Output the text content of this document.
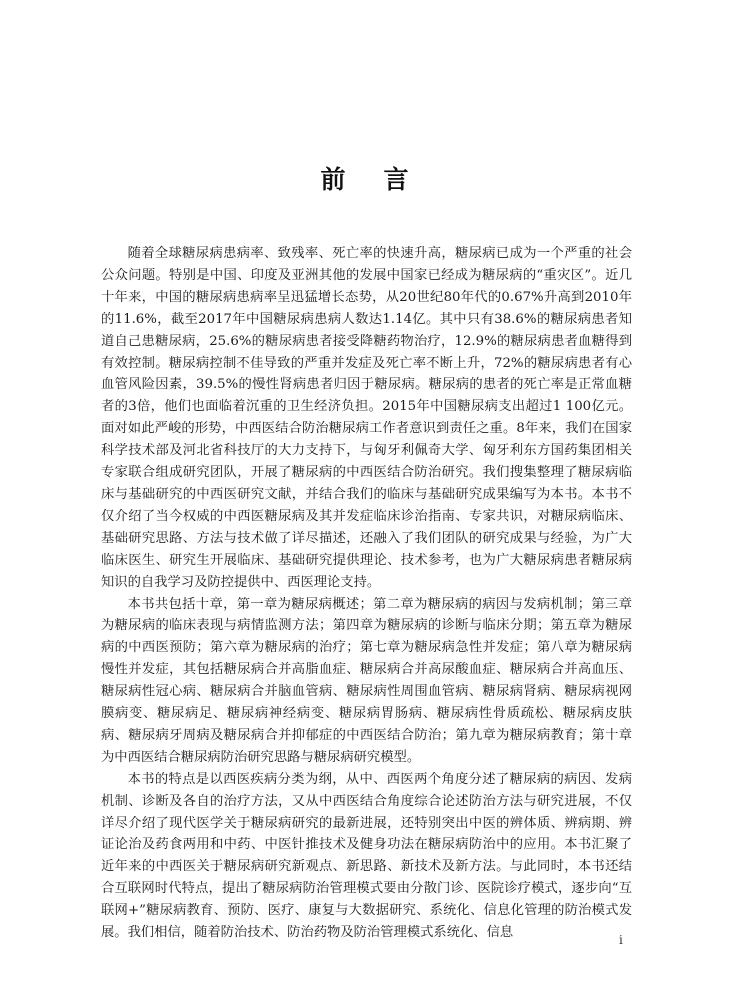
前言

随着全球糖尿病患病率、致残率、死亡率的快速升高，糖尿病已成为一个严重的社会公众问题。特别是中国、印度及亚洲其他的发展中国家已经成为糖尿病的“重灾区”。近几十年来，中国的糖尿病患病率呈迅猛增长态势，从20世纪80年代的0.67%升高到2010年的11.6%，截至2017年中国糖尿病患病人数达1.14亿。其中只有38.6%的糖尿病患者知道自己患糖尿病，25.6%的糖尿病患者接受降糖药物治疗，12.9%的糖尿病患者血糖得到有效控制。糖尿病控制不佳导致的严重并发症及死亡率不断上升，72%的糖尿病患者有心血管风险因素，39.5%的慢性肾病患者归因于糖尿病。糖尿病的患者的死亡率是正常血糖者的3倍，他们也面临着沉重的卫生经济负担。2015年中国糖尿病支出超过1 100亿元。面对如此严峻的形势，中西医结合防治糖尿病工作者意识到责任之重。8年来，我们在国家科学技术部及河北省科技厅的大力支持下，与匈牙利佩奇大学、匈牙利东方国药集团相关专家联合组成研究团队，开展了糖尿病的中西医结合防治研究。我们搜集整理了糖尿病临床与基础研究的中西医研究文献，并结合我们的临床与基础研究成果编写为本书。本书不仅介绍了当今权威的中西医糖尿病及其并发症临床诊治指南、专家共识，对糖尿病临床、基础研究思路、方法与技术做了详尽描述，还融入了我们团队的研究成果与经验，为广大临床医生、研究生开展临床、基础研究提供理论、技术参考，也为广大糖尿病患者糖尿病知识的自我学习及防控提供中、西医理论支持。

本书共包括十章，第一章为糖尿病概述；第二章为糖尿病的病因与发病机制；第三章为糖尿病的临床表现与病情监测方法；第四章为糖尿病的诊断与临床分期；第五章为糖尿病的中西医预防；第六章为糖尿病的治疗；第七章为糖尿病急性并发症；第八章为糖尿病慢性并发症，其包括糖尿病合并高脂血症、糖尿病合并高尿酸血症、糖尿病合并高血压、糖尿病性冠心病、糖尿病合并脑血管病、糖尿病性周围血管病、糖尿病肾病、糖尿病视网膜病变、糖尿病足、糖尿病神经病变、糖尿病胃肠病、糖尿病性骨质疏松、糖尿病皮肤病、糖尿病牙周病及糖尿病合并抑郁症的中西医结合防治；第九章为糖尿病教育；第十章为中西医结合糖尿病防治研究思路与糖尿病研究模型。

本书的特点是以西医疾病分类为纲，从中、西医两个角度分述了糖尿病的病因、发病机制、诊断及各自的治疗方法，又从中西医结合角度综合论述防治方法与研究进展，不仅详尽介绍了现代医学关于糖尿病研究的最新进展，还特别突出中医的辨体质、辨病期、辨证论治及药食两用和中药、中医针推技术及健身功法在糖尿病防治中的应用。本书汇聚了近年来的中西医关于糖尿病研究新观点、新思路、新技术及新方法。与此同时，本书还结合互联网时代特点，提出了糖尿病防治管理模式要由分散门诊、医院诊疗模式，逐步向“互联网+”糖尿病教育、预防、医疗、康复与大数据研究、系统化、信息化管理的防治模式发展。我们相信，随着防治技术、防治药物及防治管理模式系统化、信息	i
